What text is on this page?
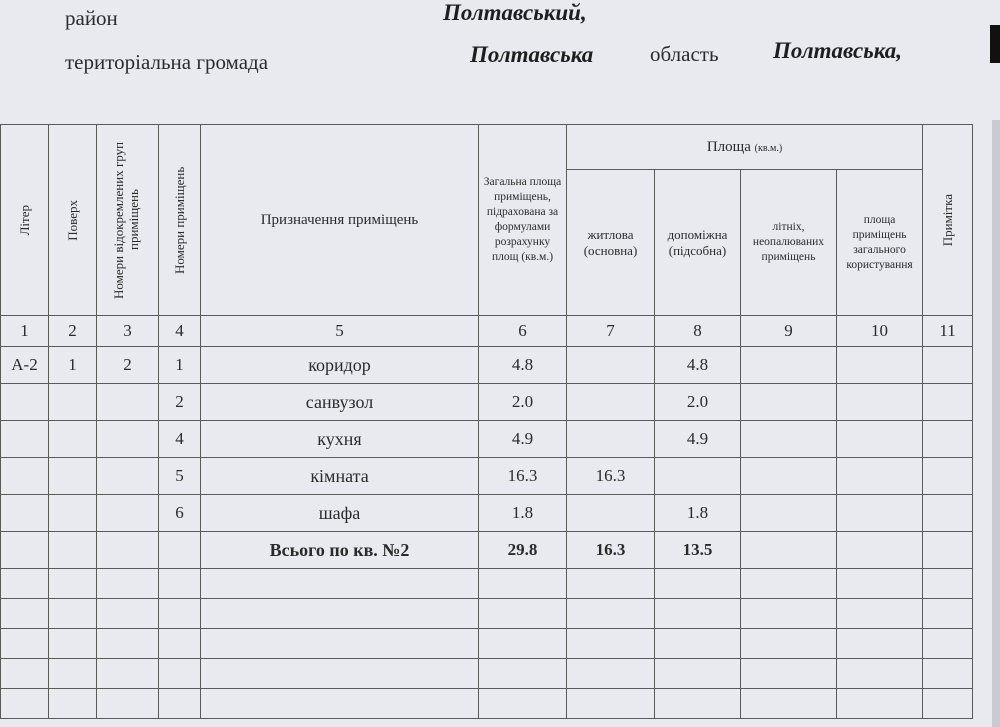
район	Полтавський,
територіальна громада	Полтавська	область Полтавська,
Літер	Поверх	Номери відокремлених груп приміщень	Номери приміщень	Призначення приміщень	Загальна площа приміщень, підрахована за формулами розрахунку площ (кв.м.)	Площа (кв.м.)				Примітка

						житлова (основна)	допоміжна (підсобна)	літніх, неопалюваних приміщень	площа приміщень загального користування	

1	2	3	4	5	6	7	8	9	10	11
А-2	1	2	1	коридор	4.8		4.8			
			2	санвузол	2.0		2.0			
			4	кухня	4.9		4.9			
			5	кімната	16.3	16.3				
			6	шафа	1.8		1.8			
				Всього по кв. №2	29.8	16.3	13.5			
